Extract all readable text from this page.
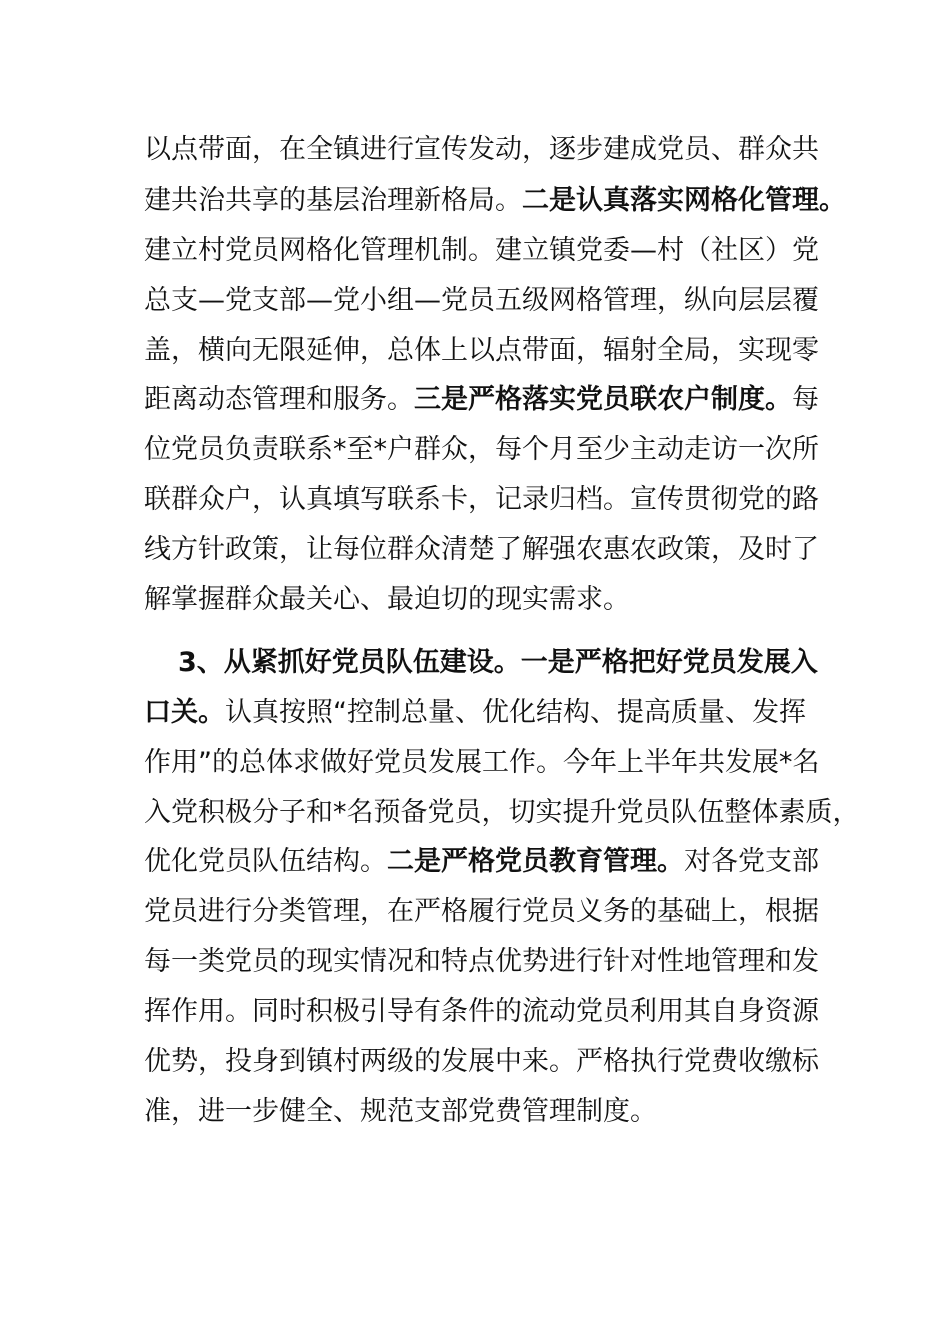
以点带面，在全镇进行宣传发动，逐步建成党员、群众共
建共治共享的基层治理新格局。二是认真落实网格化管理。
建立村党员网格化管理机制。建立镇党委—村（社区）党
总支—党支部—党小组—党员五级网格管理，纵向层层覆
盖，横向无限延伸，总体上以点带面，辐射全局，实现零
距离动态管理和服务。三是严格落实党员联农户制度。每
位党员负责联系*至*户群众，每个月至少主动走访一次所
联群众户，认真填写联系卡，记录归档。宣传贯彻党的路
线方针政策，让每位群众清楚了解强农惠农政策，及时了
解掌握群众最关心、最迫切的现实需求。
3、从紧抓好党员队伍建设。一是严格把好党员发展入
口关。认真按照“控制总量、优化结构、提高质量、发挥
作用”的总体求做好党员发展工作。今年上半年共发展*名
入党积极分子和*名预备党员，切实提升党员队伍整体素质，
优化党员队伍结构。二是严格党员教育管理。对各党支部
党员进行分类管理，在严格履行党员义务的基础上，根据
每一类党员的现实情况和特点优势进行针对性地管理和发
挥作用。同时积极引导有条件的流动党员利用其自身资源
优势，投身到镇村两级的发展中来。严格执行党费收缴标
准，进一步健全、规范支部党费管理制度。
